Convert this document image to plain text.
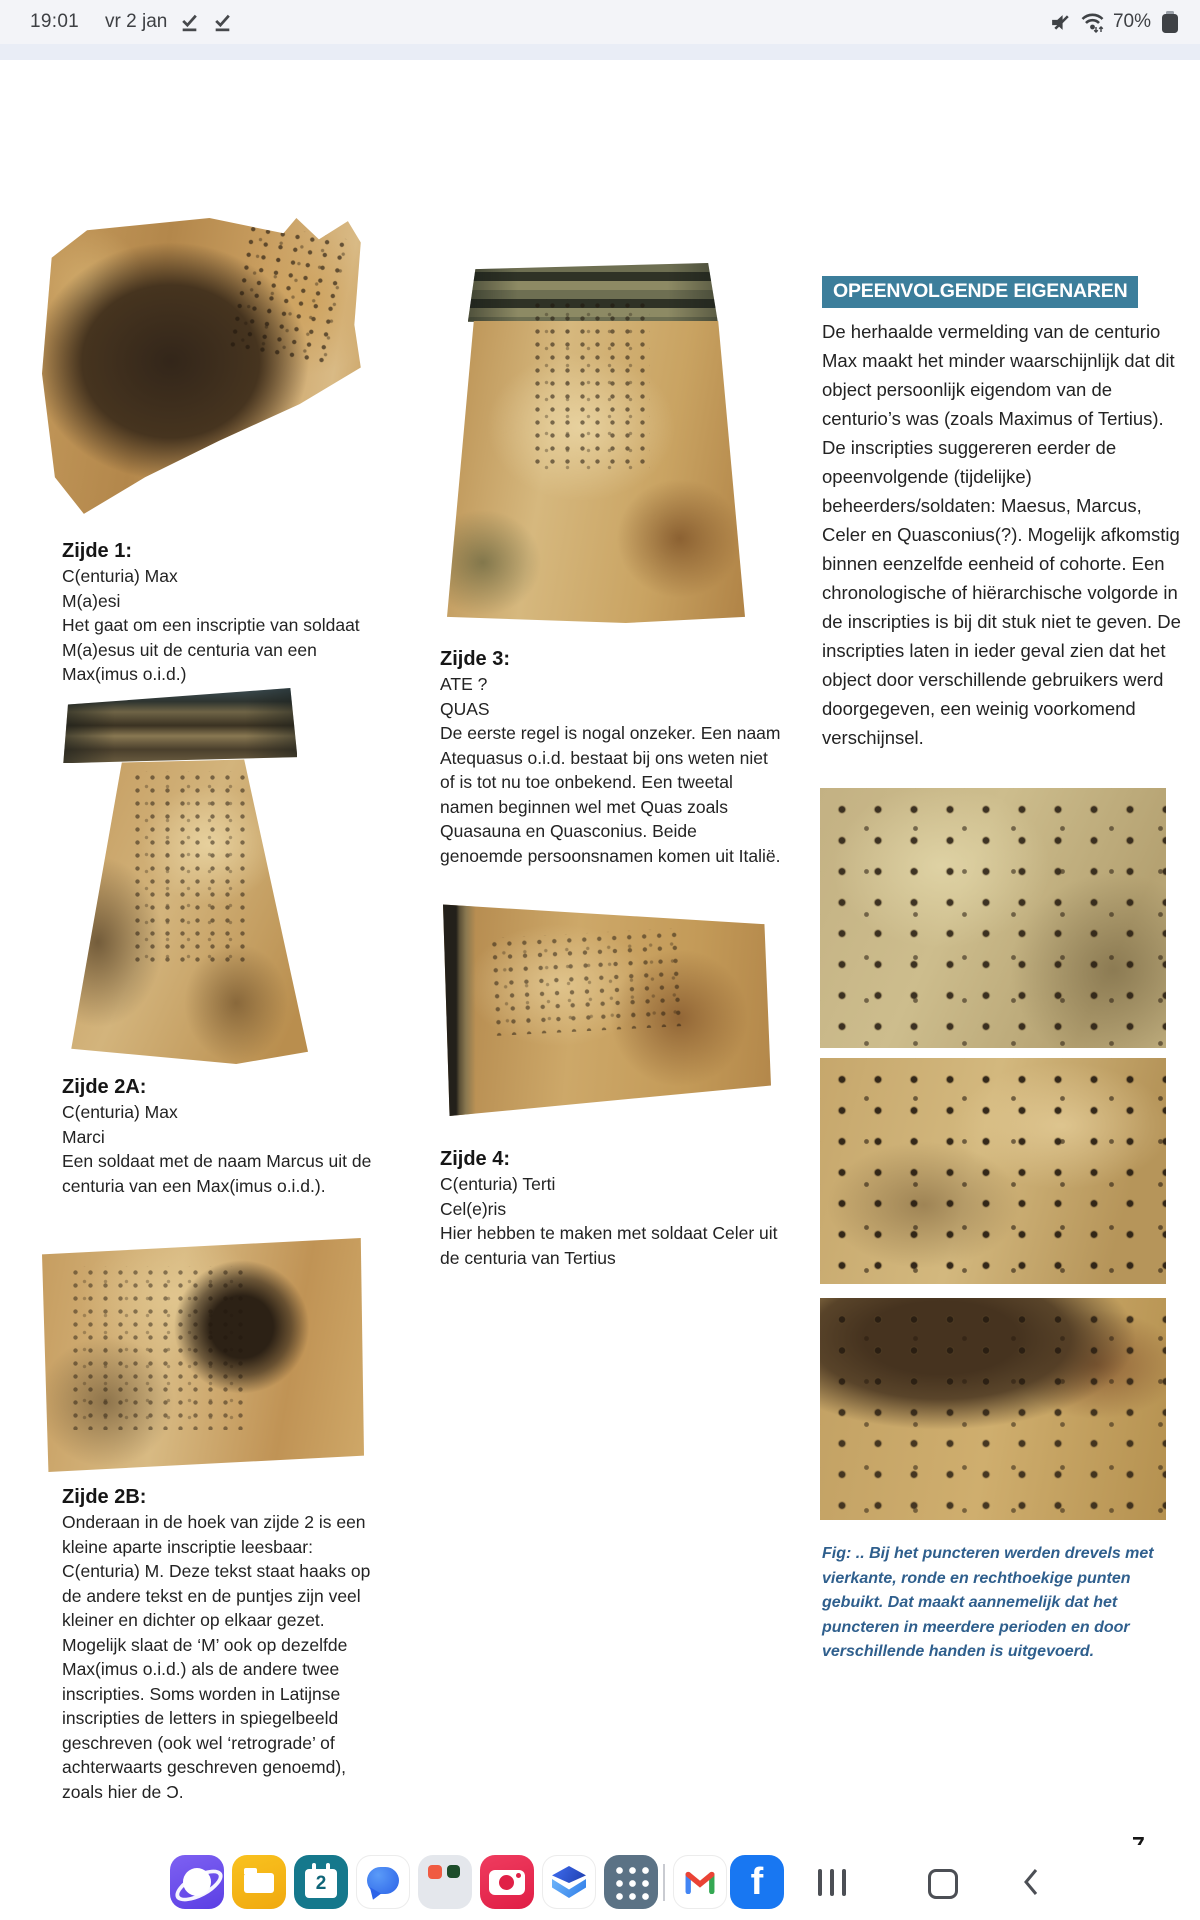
19:01 vr 2 jan	70%
Zijde 1:
C(enturia) Max
M(a)esi
Het gaat om een inscriptie van soldaat M(a)esus uit de centuria van een Max(imus o.i.d.)
Zijde 2A:
C(enturia) Max
Marci
Een soldaat met de naam Marcus uit de centuria van een Max(imus o.i.d.).
Zijde 2B:
Onderaan in de hoek van zijde 2 is een kleine aparte inscriptie leesbaar: C(enturia) M. Deze tekst staat haaks op de andere tekst en de puntjes zijn veel kleiner en dichter op elkaar gezet. Mogelijk slaat de ‘M’ ook op dezelfde Max(imus o.i.d.) als de andere twee inscripties. Soms worden in Latijnse inscripties de letters in spiegelbeeld geschreven (ook wel ‘retrograde’ of achterwaarts geschreven genoemd), zoals hier de Ɔ.
Zijde 3:
ATE ?
QUAS
De eerste regel is nogal onzeker. Een naam Atequasus o.i.d. bestaat bij ons weten niet of is tot nu toe onbekend. Een tweetal namen beginnen wel met Quas zoals Quasauna en Quasconius. Beide genoemde persoonsnamen komen uit Italië.
Zijde 4:
C(enturia) Terti
Cel(e)ris
Hier hebben te maken met soldaat Celer uit de centuria van Tertius
OPEENVOLGENDE EIGENAREN
De herhaalde vermelding van de centurio Max maakt het minder waarschijnlijk dat dit object persoonlijk eigendom van de centurio’s was (zoals Maximus of Tertius). De inscripties suggereren eerder de opeenvolgende (tijdelijke) beheerders/soldaten: Maesus, Marcus, Celer en Quasconius(?). Mogelijk afkomstig binnen eenzelfde eenheid of cohorte. Een chronologische of hiërarchische volgorde in de inscripties is bij dit stuk niet te geven. De inscripties laten in ieder geval zien dat het object door verschillende gebruikers werd doorgegeven, een weinig voorkomend verschijnsel.
Fig: .. Bij het puncteren werden drevels met vierkante, ronde en rechthoekige punten gebuikt. Dat maakt aannemelijk dat het puncteren in meerdere perioden en door verschillende handen is uitgevoerd.
2	f
